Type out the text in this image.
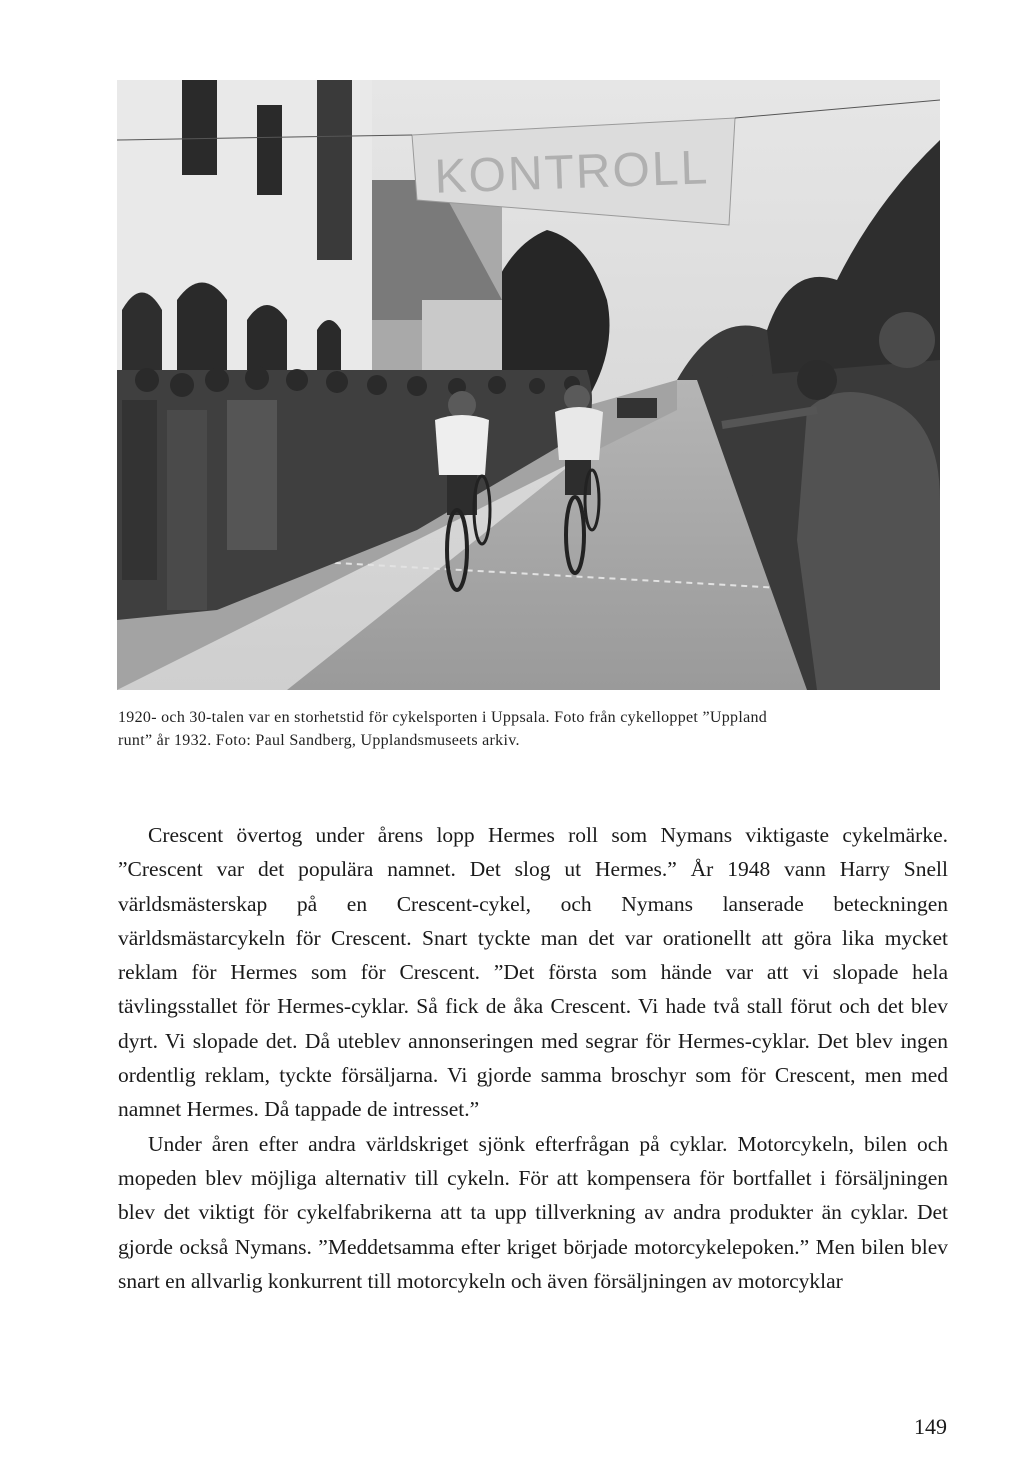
KONTROLL

1920- och 30-talen var en storhetstid för cykelsporten i Uppsala. Foto från cykelloppet ”Uppland

runt” år 1932. Foto: Paul Sandberg, Upplandsmuseets arkiv.

Crescent övertog under årens lopp Hermes roll som Nymans viktigaste cykelmärke. ”Crescent var det populära namnet. Det slog ut Hermes.” År 1948 vann Harry Snell världsmästerskap på en Crescent-cykel, och Nymans lanserade beteckningen världsmästarcykeln för Crescent. Snart tyckte man det var orationellt att göra lika mycket reklam för Hermes som för Crescent. ”Det första som hände var att vi slopade hela tävlingsstallet för Hermes-cyklar. Så fick de åka Crescent. Vi hade två stall förut och det blev dyrt. Vi slopade det. Då uteblev annonseringen med segrar för Hermes-cyklar. Det blev ingen ordentlig reklam, tyckte försäljarna. Vi gjorde samma broschyr som för Crescent, men med namnet Hermes. Då tappade de intresset.”

Under åren efter andra världskriget sjönk efterfrågan på cyklar. Motorcykeln, bilen och mopeden blev möjliga alternativ till cykeln. För att kompensera för bortfallet i försäljningen blev det viktigt för cykelfabrikerna att ta upp tillverkning av andra produkter än cyklar. Det gjorde också Nymans. ”Meddetsamma efter kriget började motorcykelepoken.” Men bilen blev snart en allvarlig konkurrent till motorcykeln och även försäljningen av motorcyklar

149
